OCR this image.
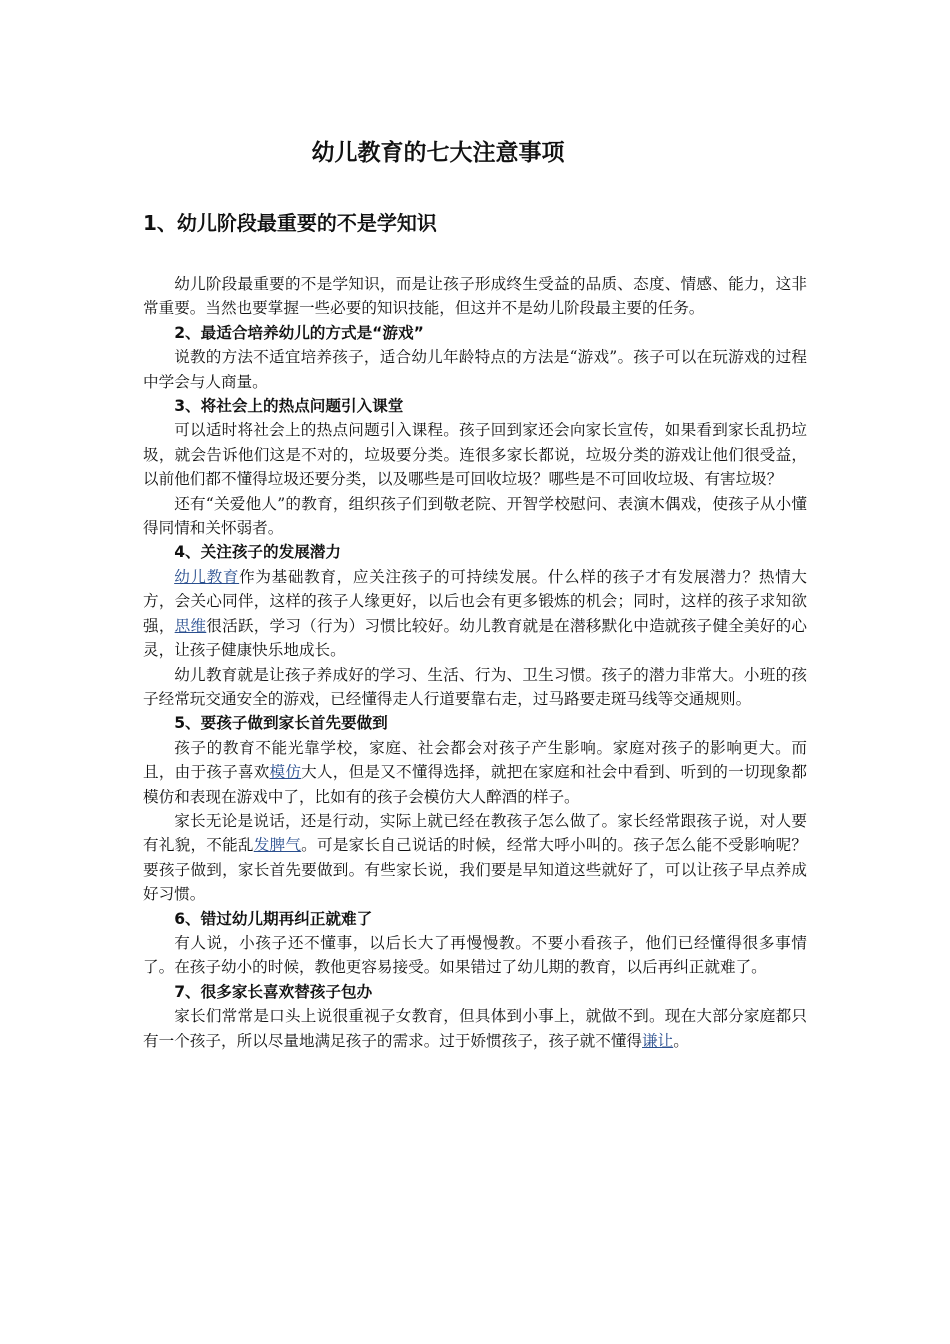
幼儿教育的七大注意事项
1、幼儿阶段最重要的不是学知识

幼儿阶段最重要的不是学知识，而是让孩子形成终生受益的品质、态度、情感、能力，这非常重要。当然也要掌握一些必要的知识技能，但这并不是幼儿阶段最主要的任务。

2、最适合培养幼儿的方式是“游戏”

说教的方法不适宜培养孩子，适合幼儿年龄特点的方法是“游戏”。孩子可以在玩游戏的过程中学会与人商量。

3、将社会上的热点问题引入课堂

可以适时将社会上的热点问题引入课程。孩子回到家还会向家长宣传，如果看到家长乱扔垃圾，就会告诉他们这是不对的，垃圾要分类。连很多家长都说，垃圾分类的游戏让他们很受益，以前他们都不懂得垃圾还要分类，以及哪些是可回收垃圾？哪些是不可回收垃圾、有害垃圾？

还有“关爱他人”的教育，组织孩子们到敬老院、开智学校慰问、表演木偶戏，使孩子从小懂得同情和关怀弱者。

4、关注孩子的发展潜力

幼儿教育作为基础教育，应关注孩子的可持续发展。什么样的孩子才有发展潜力？热情大方，会关心同伴，这样的孩子人缘更好，以后也会有更多锻炼的机会；同时，这样的孩子求知欲强，思维很活跃，学习（行为）习惯比较好。幼儿教育就是在潜移默化中造就孩子健全美好的心灵，让孩子健康快乐地成长。

幼儿教育就是让孩子养成好的学习、生活、行为、卫生习惯。孩子的潜力非常大。小班的孩子经常玩交通安全的游戏，已经懂得走人行道要靠右走，过马路要走斑马线等交通规则。

5、要孩子做到家长首先要做到

孩子的教育不能光靠学校，家庭、社会都会对孩子产生影响。家庭对孩子的影响更大。而且，由于孩子喜欢模仿大人，但是又不懂得选择，就把在家庭和社会中看到、听到的一切现象都模仿和表现在游戏中了，比如有的孩子会模仿大人醉酒的样子。

家长无论是说话，还是行动，实际上就已经在教孩子怎么做了。家长经常跟孩子说，对人要有礼貌，不能乱发脾气。可是家长自己说话的时候，经常大呼小叫的。孩子怎么能不受影响呢？要孩子做到，家长首先要做到。有些家长说，我们要是早知道这些就好了，可以让孩子早点养成好习惯。

6、错过幼儿期再纠正就难了

有人说，小孩子还不懂事，以后长大了再慢慢教。不要小看孩子，他们已经懂得很多事情了。在孩子幼小的时候，教他更容易接受。如果错过了幼儿期的教育，以后再纠正就难了。

7、很多家长喜欢替孩子包办

家长们常常是口头上说很重视子女教育，但具体到小事上，就做不到。现在大部分家庭都只有一个孩子，所以尽量地满足孩子的需求。过于娇惯孩子，孩子就不懂得谦让。
